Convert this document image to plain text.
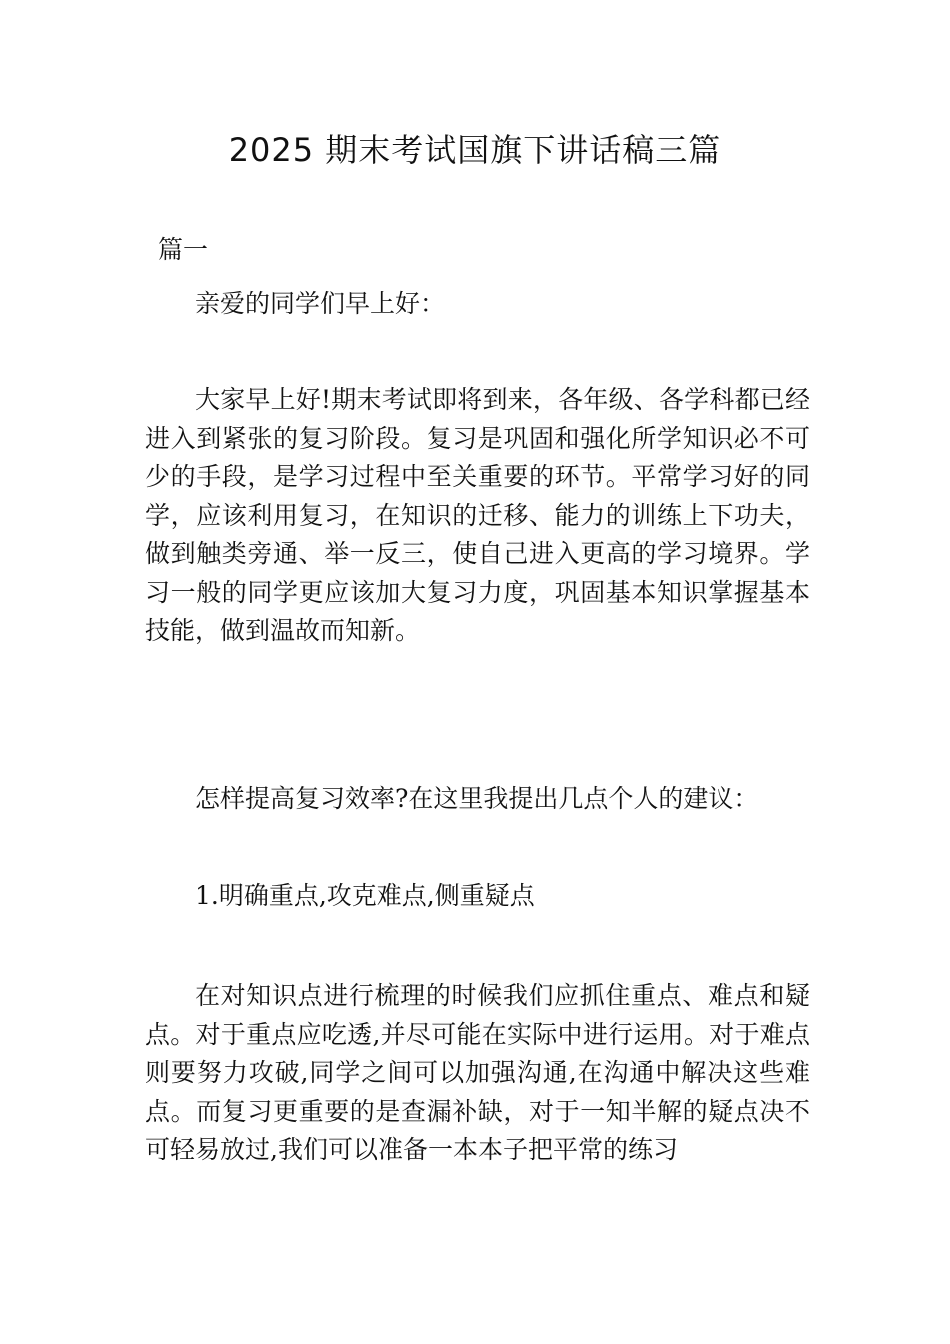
2025 期末考试国旗下讲话稿三篇

篇一

亲爱的同学们早上好：

大家早上好!期末考试即将到来，各年级、各学科都已经进入到紧张的复习阶段。复习是巩固和强化所学知识必不可少的手段，是学习过程中至关重要的环节。平常学习好的同学，应该利用复习，在知识的迁移、能力的训练上下功夫，做到触类旁通、举一反三，使自己进入更高的学习境界。学习一般的同学更应该加大复习力度，巩固基本知识掌握基本技能，做到温故而知新。

怎样提高复习效率?在这里我提出几点个人的建议：

1.明确重点,攻克难点,侧重疑点

在对知识点进行梳理的时候我们应抓住重点、难点和疑点。对于重点应吃透,并尽可能在实际中进行运用。对于难点则要努力攻破,同学之间可以加强沟通,在沟通中解决这些难点。而复习更重要的是查漏补缺，对于一知半解的疑点决不可轻易放过,我们可以准备一本本子把平常的练习
